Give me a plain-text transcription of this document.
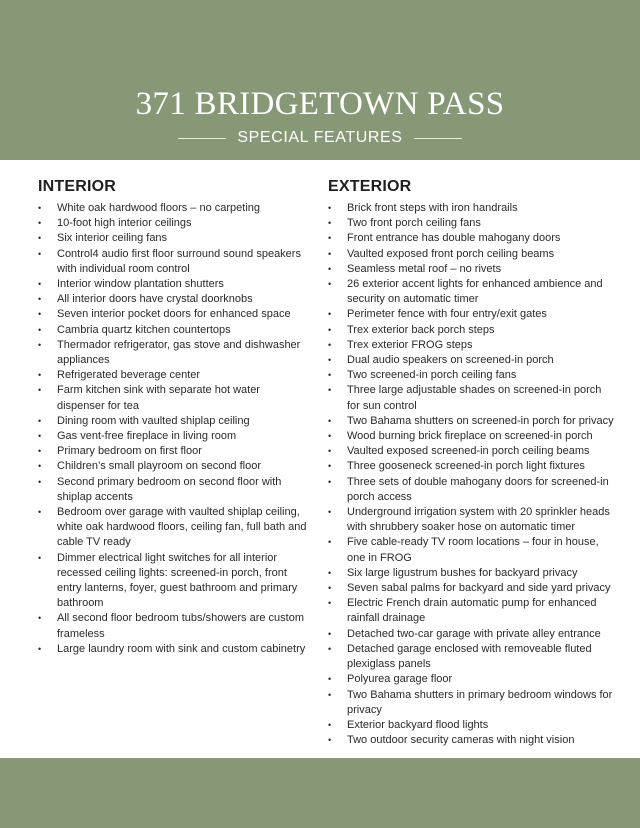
371 BRIDGETOWN PASS
SPECIAL FEATURES
INTERIOR
• White oak hardwood floors – no carpeting
• 10-foot high interior ceilings
• Six interior ceiling fans
• Control4 audio first floor surround sound speakers with individual room control
• Interior window plantation shutters
• All interior doors have crystal doorknobs
• Seven interior pocket doors for enhanced space
• Cambria quartz kitchen countertops
• Thermador refrigerator, gas stove and dishwasher appliances
• Refrigerated beverage center
• Farm kitchen sink with separate hot water dispenser for tea
• Dining room with vaulted shiplap ceiling
• Gas vent-free fireplace in living room
• Primary bedroom on first floor
• Children’s small playroom on second floor
• Second primary bedroom on second floor with shiplap accents
• Bedroom over garage with vaulted shiplap ceiling, white oak hardwood floors, ceiling fan, full bath and cable TV ready
• Dimmer electrical light switches for all interior recessed ceiling lights: screened-in porch, front entry lanterns, foyer, guest bathroom and primary bathroom
• All second floor bedroom tubs/showers are custom frameless
• Large laundry room with sink and custom cabinetry
EXTERIOR
• Brick front steps with iron handrails
• Two front porch ceiling fans
• Front entrance has double mahogany doors
• Vaulted exposed front porch ceiling beams
• Seamless metal roof – no rivets
• 26 exterior accent lights for enhanced ambience and security on automatic timer
• Perimeter fence with four entry/exit gates
• Trex exterior back porch steps
• Trex exterior FROG steps
• Dual audio speakers on screened-in porch
• Two screened-in porch ceiling fans
• Three large adjustable shades on screened-in porch for sun control
• Two Bahama shutters on screened-in porch for privacy
• Wood burning brick fireplace on screened-in porch
• Vaulted exposed screened-in porch ceiling beams
• Three gooseneck screened-in porch light fixtures
• Three sets of double mahogany doors for screened-in porch access
• Underground irrigation system with 20 sprinkler heads with shrubbery soaker hose on automatic timer
• Five cable-ready TV room locations – four in house, one in FROG
• Six large ligustrum bushes for backyard privacy
• Seven sabal palms for backyard and side yard privacy
• Electric French drain automatic pump for enhanced rainfall drainage
• Detached two-car garage with private alley entrance
• Detached garage enclosed with removeable fluted plexiglass panels
• Polyurea garage floor
• Two Bahama shutters in primary bedroom windows for privacy
• Exterior backyard flood lights
• Two outdoor security cameras with night vision
